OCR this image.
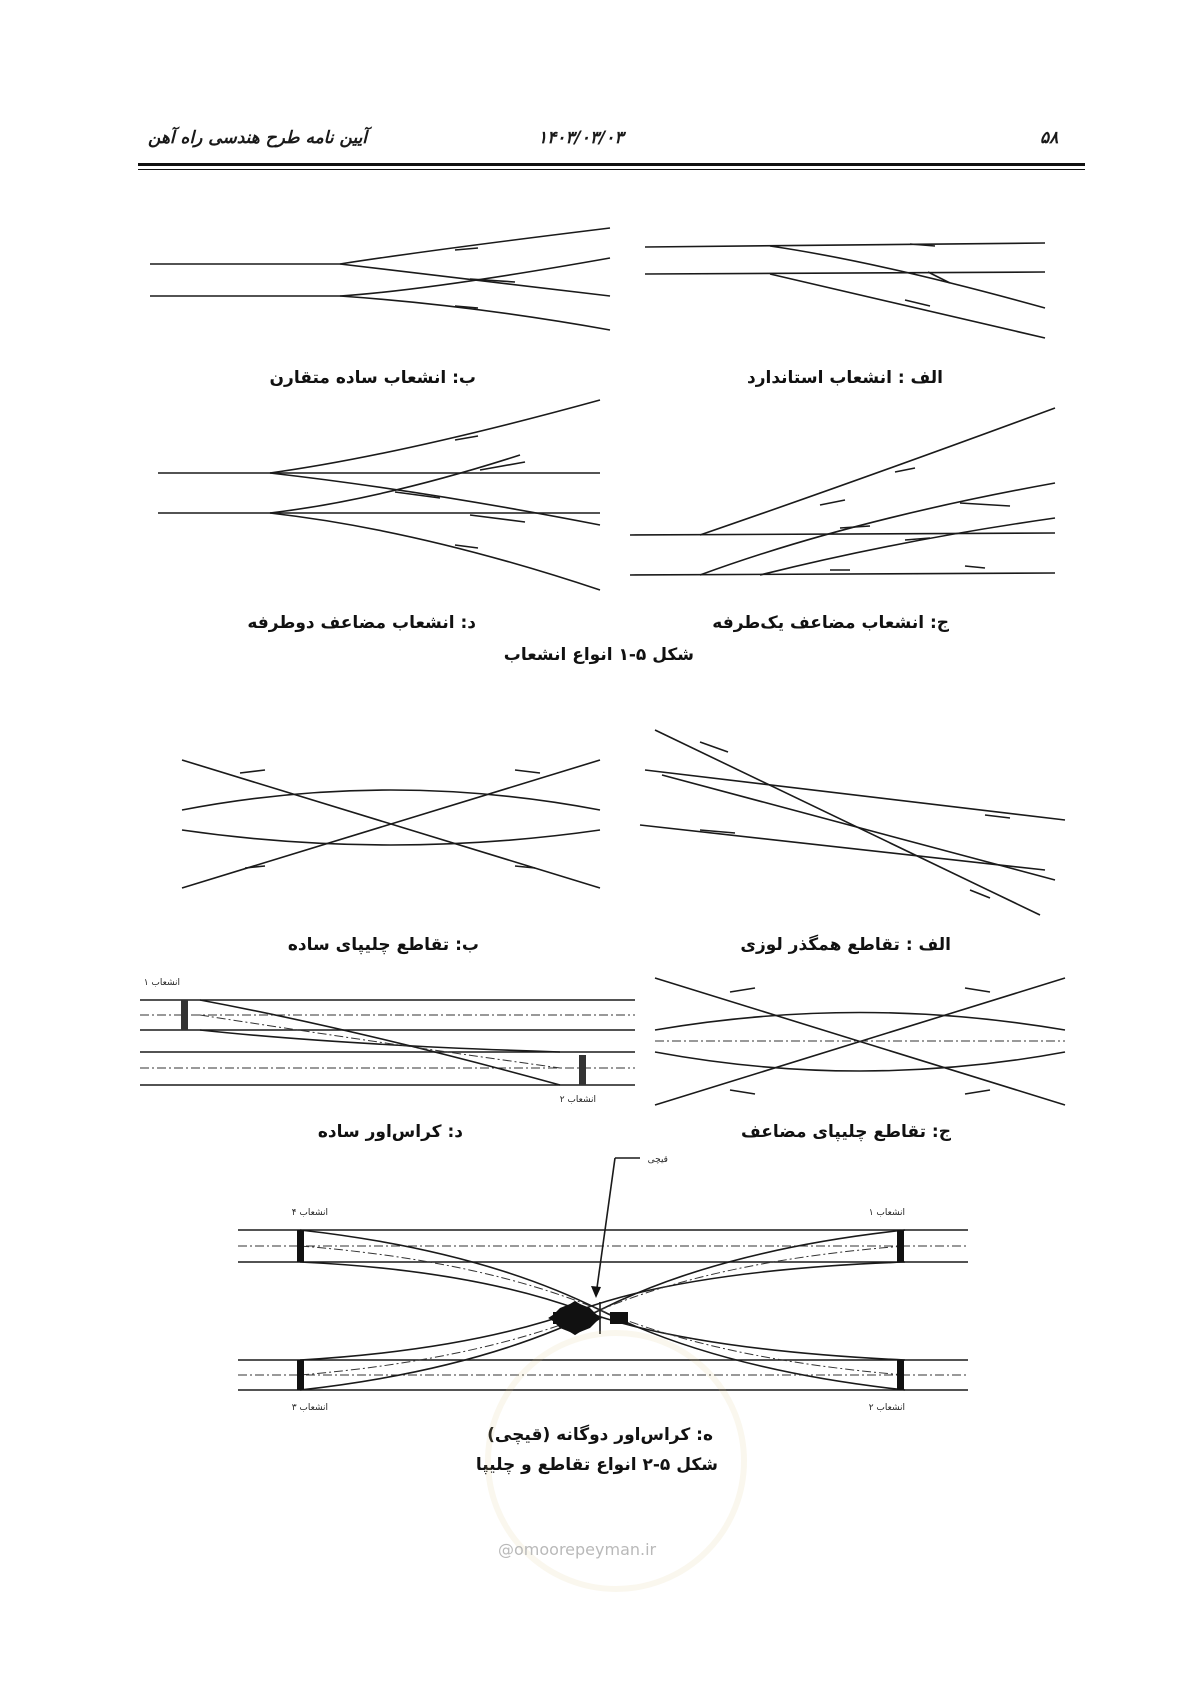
۵۸
۱۴۰۳/۰۳/۰۳
آیین نامه طرح هندسی راه آهن
انشعاب ۱
انشعاب ۲
قیچی
انشعاب ۴	انشعاب ۱
انشعاب ۳	انشعاب ۲
ب: انشعاب ساده متقارن	الف : انشعاب استاندارد
د: انشعاب مضاعف دوطرفه	ج: انشعاب مضاعف یک‌طرفه
شکل ۵-۱ انواع انشعاب
ب: تقاطع چلیپای ساده	الف : تقاطع همگذر لوزی
د: کراس‌اور ساده	ج: تقاطع چلیپای مضاعف
ه: کراس‌اور دوگانه (قیچی)
شکل ۵-۲ انواع تقاطع و چلیپا
@omoorepeyman.ir
